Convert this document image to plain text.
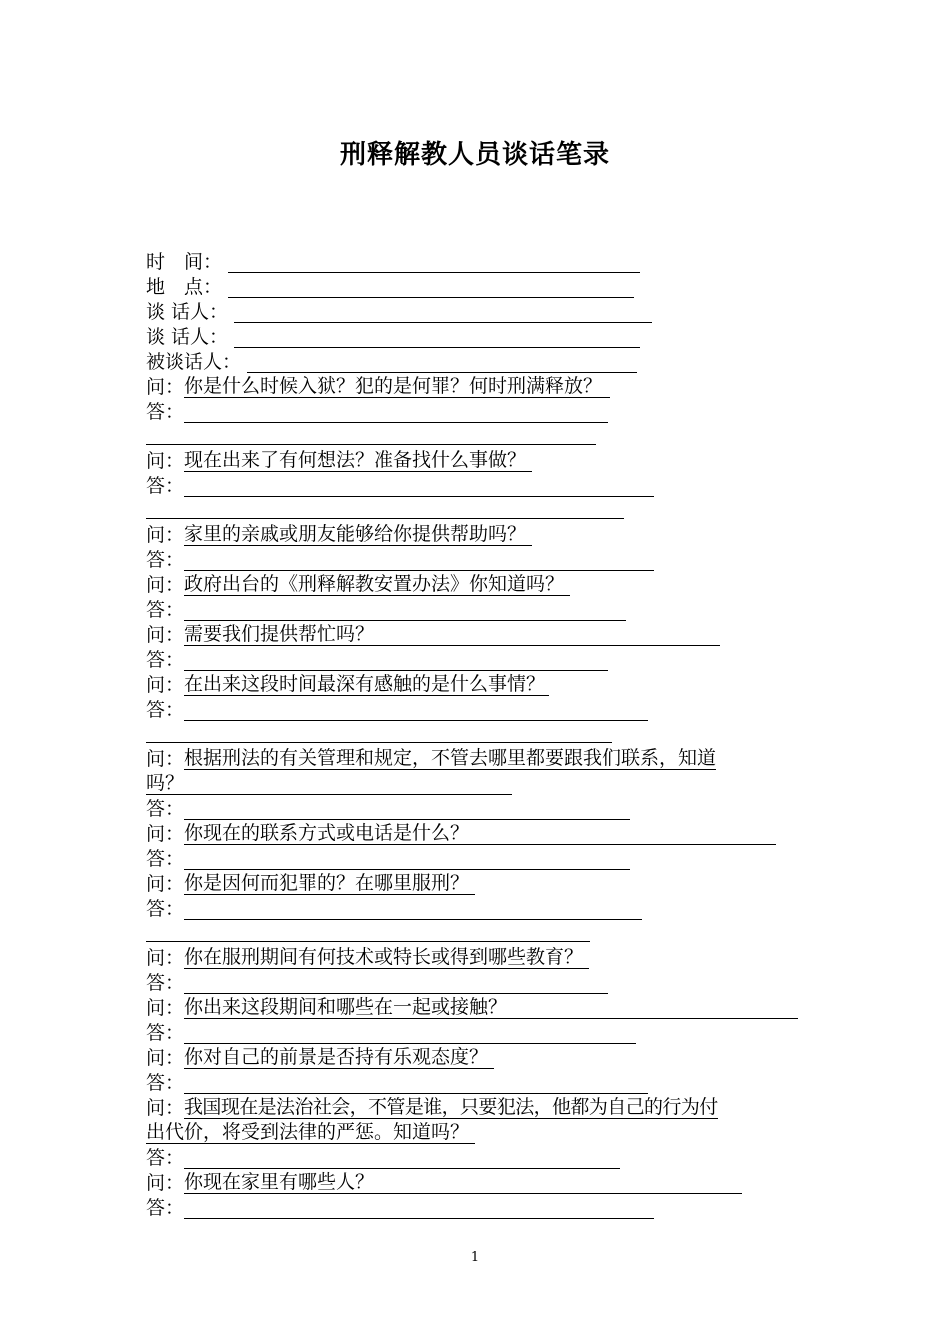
刑释解教人员谈话笔录
时　间：
地　点：
谈 话人：
谈 话人：
被谈话人：
问：你是什么时候入狱？犯的是何罪？何时刑满释放？
答：
问：现在出来了有何想法？准备找什么事做？
答：
问：家里的亲戚或朋友能够给你提供帮助吗？
答：
问：政府出台的《刑释解教安置办法》你知道吗？
答：
问：需要我们提供帮忙吗？
答：
问：在出来这段时间最深有感触的是什么事情？
答：
问：根据刑法的有关管理和规定，不管去哪里都要跟我们联系，知道
吗？
答：
问：你现在的联系方式或电话是什么？
答：
问：你是因何而犯罪的？在哪里服刑？
答：
问：你在服刑期间有何技术或特长或得到哪些教育？
答：
问：你出来这段期间和哪些在一起或接触？
答：
问：你对自己的前景是否持有乐观态度？
答：
问：我国现在是法治社会，不管是谁，只要犯法，他都为自己的行为付
出代价，将受到法律的严惩。知道吗？
答：
问：你现在家里有哪些人？
答：
1
